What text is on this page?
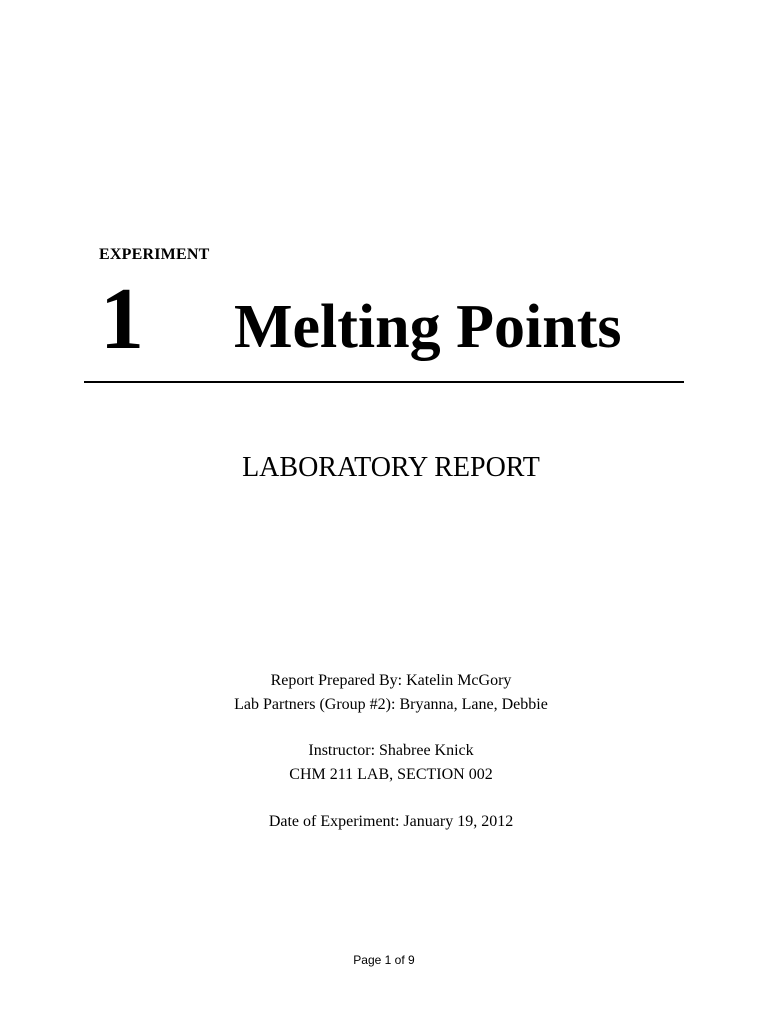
EXPERIMENT
1 Melting Points
LABORATORY REPORT
Report Prepared By: Katelin McGory
Lab Partners (Group #2): Bryanna, Lane, Debbie
Instructor: Shabree Knick
CHM 211 LAB, SECTION 002
Date of Experiment: January 19, 2012
Page 1 of 9
